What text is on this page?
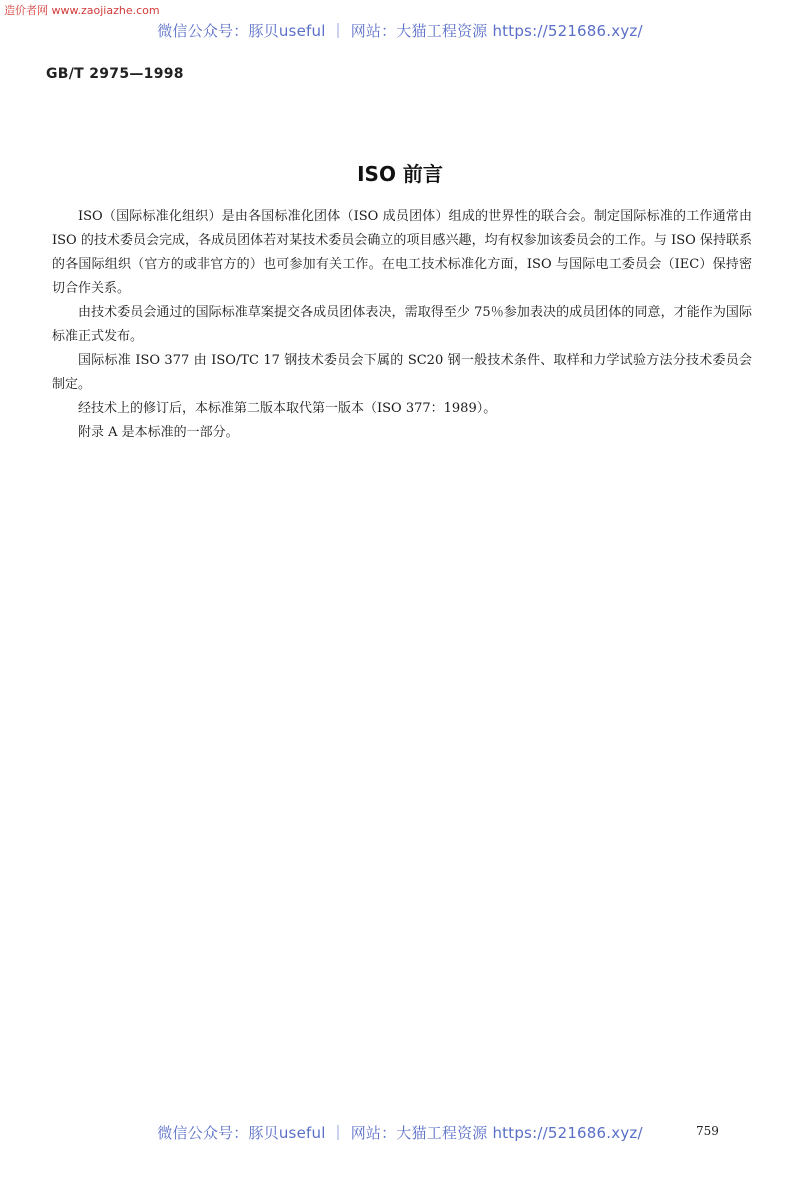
造价者网 www.zaojiazhe.com
微信公众号：豚贝useful ｜ 网站：大猫工程资源 https://521686.xyz/
GB/T 2975—1998
ISO 前言

ISO（国际标准化组织）是由各国标准化团体（ISO 成员团体）组成的世界性的联合会。制定国际标准的工作通常由 ISO 的技术委员会完成，各成员团体若对某技术委员会确立的项目感兴趣，均有权参加该委员会的工作。与 ISO 保持联系的各国际组织（官方的或非官方的）也可参加有关工作。在电工技术标准化方面，ISO 与国际电工委员会（IEC）保持密切合作关系。

由技术委员会通过的国际标准草案提交各成员团体表决，需取得至少 75％参加表决的成员团体的同意，才能作为国际标准正式发布。

国际标准 ISO 377 由 ISO/TC 17 钢技术委员会下属的 SC20 钢一般技术条件、取样和力学试验方法分技术委员会制定。

经技术上的修订后，本标准第二版本取代第一版本（ISO 377：1989）。

附录 A 是本标准的一部分。

微信公众号：豚贝useful ｜ 网站：大猫工程资源 https://521686.xyz/	759
